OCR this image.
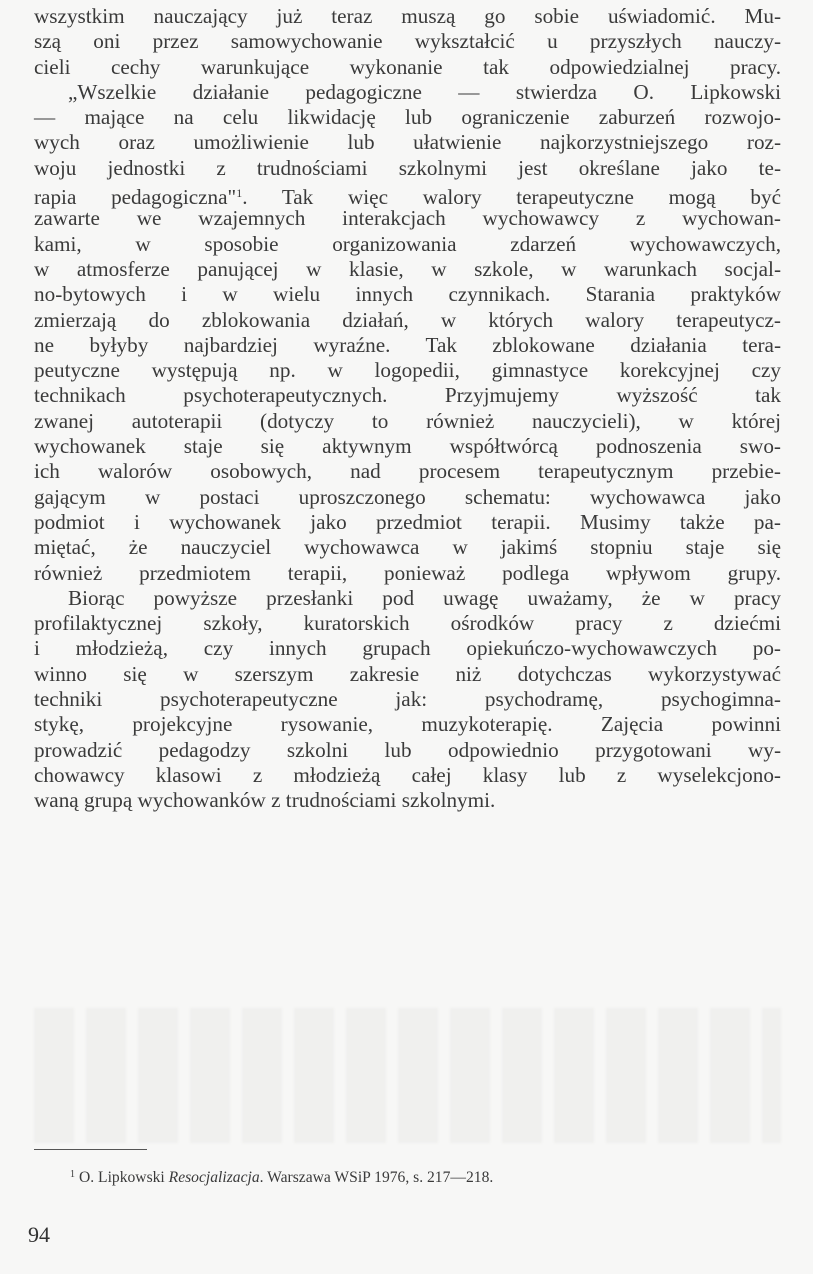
wszystkim nauczający już teraz muszą go sobie uświadomić. Mu-
szą oni przez samowychowanie wykształcić u przyszłych nauczy-
cieli cechy warunkujące wykonanie tak odpowiedzialnej pracy.
„Wszelkie działanie pedagogiczne — stwierdza O. Lipkowski
— mające na celu likwidację lub ograniczenie zaburzeń rozwojo-
wych oraz umożliwienie lub ułatwienie najkorzystniejszego roz-
woju jednostki z trudnościami szkolnymi jest określane jako te-
rapia pedagogiczna"$^1$. Tak więc walory terapeutyczne mogą być
zawarte we wzajemnych interakcjach wychowawcy z wychowan-
kami, w sposobie organizowania zdarzeń wychowawczych,
w atmosferze panującej w klasie, w szkole, w warunkach socjal-
no-bytowych i w wielu innych czynnikach. Starania praktyków
zmierzają do zblokowania działań, w których walory terapeutycz-
ne byłyby najbardziej wyraźne. Tak zblokowane działania tera-
peutyczne występują np. w logopedii, gimnastyce korekcyjnej czy
technikach psychoterapeutycznych. Przyjmujemy wyższość tak
zwanej autoterapii (dotyczy to również nauczycieli), w której
wychowanek staje się aktywnym współtwórcą podnoszenia swo-
ich walorów osobowych, nad procesem terapeutycznym przebie-
gającym w postaci uproszczonego schematu: wychowawca jako
podmiot i wychowanek jako przedmiot terapii. Musimy także pa-
miętać, że nauczyciel wychowawca w jakimś stopniu staje się
również przedmiotem terapii, ponieważ podlega wpływom grupy.
Biorąc powyższe przesłanki pod uwagę uważamy, że w pracy
profilaktycznej szkoły, kuratorskich ośrodków pracy z dziećmi
i młodzieżą, czy innych grupach opiekuńczo-wychowawczych po-
winno się w szerszym zakresie niż dotychczas wykorzystywać
techniki psychoterapeutyczne jak: psychodramę, psychogimna-
stykę, projekcyjne rysowanie, muzykoterapię. Zajęcia powinni
prowadzić pedagodzy szkolni lub odpowiednio przygotowani wy-
chowawcy klasowi z młodzieżą całej klasy lub z wyselekcjono-
waną grupą wychowanków z trudnościami szkolnymi.
$^1$ O. Lipkowski Resocjalizacja. Warszawa WSiP 1976, s. 217—218.
94
